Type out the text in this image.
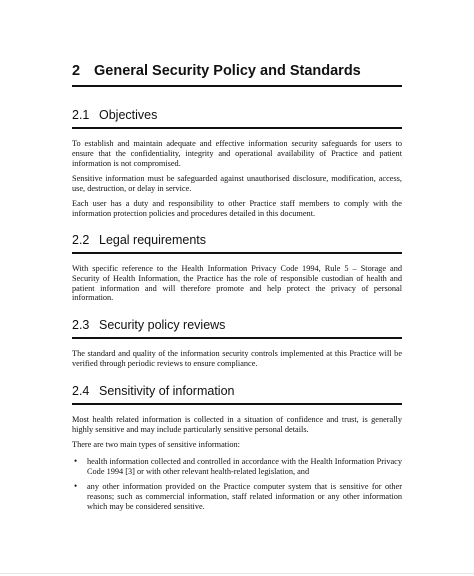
2 General Security Policy and Standards
2.1 Objectives
To establish and maintain adequate and effective information security safeguards for users to ensure that the confidentiality, integrity and operational availability of Practice and patient information is not compromised.
Sensitive information must be safeguarded against unauthorised disclosure, modification, access, use, destruction, or delay in service.
Each user has a duty and responsibility to other Practice staff members to comply with the information protection policies and procedures detailed in this document.
2.2 Legal requirements
With specific reference to the Health Information Privacy Code 1994, Rule 5 – Storage and Security of Health Information, the Practice has the role of responsible custodian of health and patient information and will therefore promote and help protect the privacy of personal information.
2.3 Security policy reviews
The standard and quality of the information security controls implemented at this Practice will be verified through periodic reviews to ensure compliance.
2.4 Sensitivity of information
Most health related information is collected in a situation of confidence and trust, is generally highly sensitive and may include particularly sensitive personal details.
There are two main types of sensitive information:
• health information collected and controlled in accordance with the Health Information Privacy Code 1994 [3] or with other relevant health-related legislation, and
• any other information provided on the Practice computer system that is sensitive for other reasons; such as commercial information, staff related information or any other information which may be considered sensitive.
